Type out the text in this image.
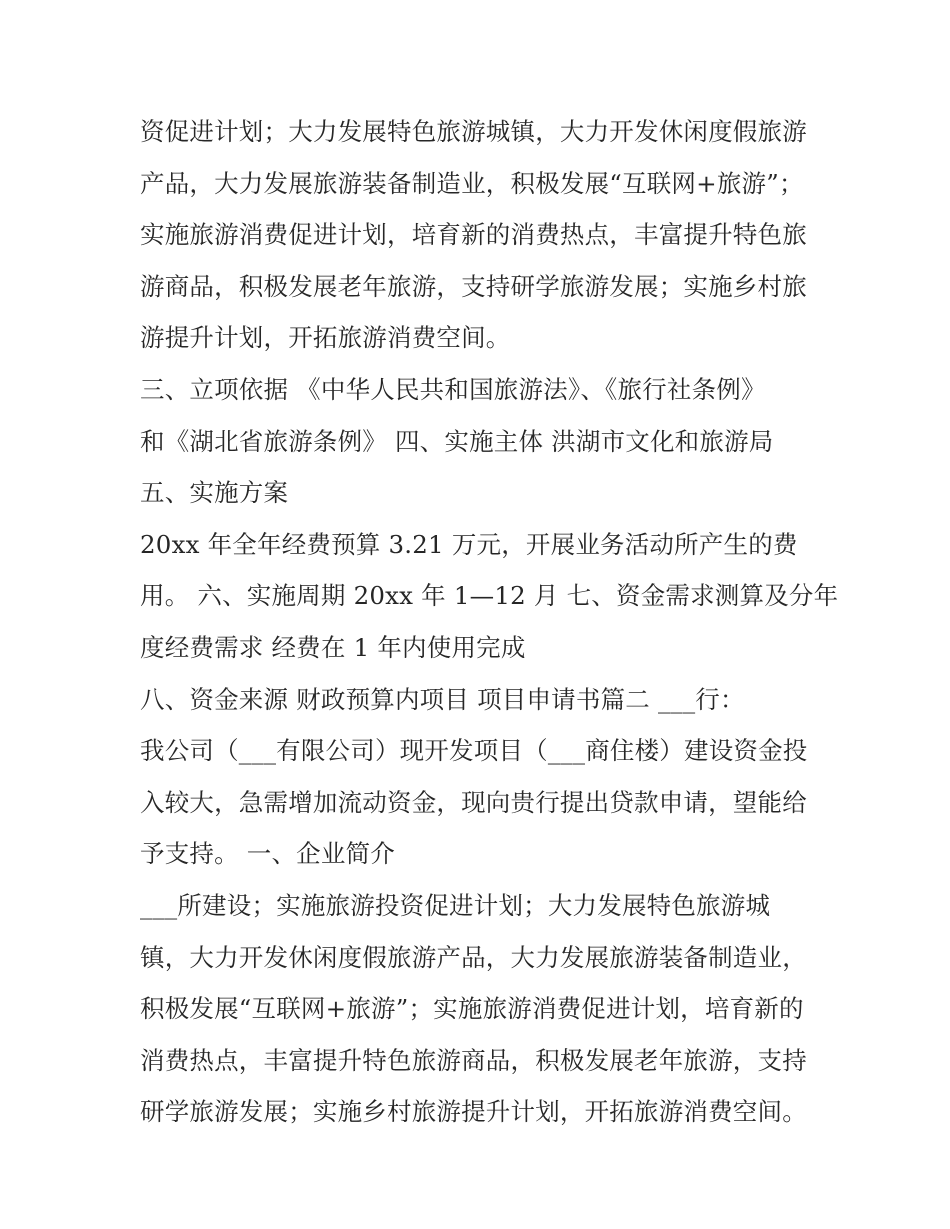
资促进计划；大力发展特色旅游城镇，大力开发休闲度假旅游
产品，大力发展旅游装备制造业，积极发展“互联网+旅游”；
实施旅游消费促进计划，培育新的消费热点，丰富提升特色旅
游商品，积极发展老年旅游，支持研学旅游发展；实施乡村旅
游提升计划，开拓旅游消费空间。
三、立项依据 《中华人民共和国旅游法》、《旅行社条例》
和《湖北省旅游条例》 四、实施主体 洪湖市文化和旅游局
五、实施方案
20xx 年全年经费预算 3.21 万元，开展业务活动所产生的费
用。 六、实施周期 20xx 年 1—12 月 七、资金需求测算及分年
度经费需求 经费在 1 年内使用完成
八、资金来源 财政预算内项目 项目申请书篇二 ___行：
我公司（___有限公司）现开发项目（___商住楼）建设资金投
入较大，急需增加流动资金，现向贵行提出贷款申请，望能给
予支持。 一、企业简介
___所建设；实施旅游投资促进计划；大力发展特色旅游城
镇，大力开发休闲度假旅游产品，大力发展旅游装备制造业，
积极发展“互联网+旅游”；实施旅游消费促进计划，培育新的
消费热点，丰富提升特色旅游商品，积极发展老年旅游，支持
研学旅游发展；实施乡村旅游提升计划，开拓旅游消费空间。
